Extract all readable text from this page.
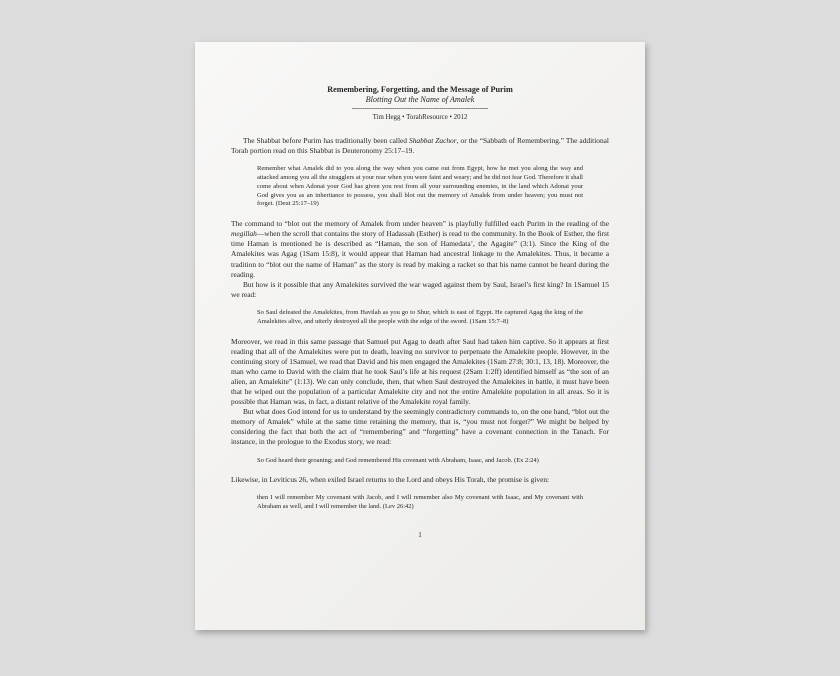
Remembering, Forgetting, and the Message of Purim
Blotting Out the Name of Amalek
----------------------------------------------------------------
Tim Hegg • TorahResource • 2012

The Shabbat before Purim has traditionally been called Shabbat Zachor, or the “Sabbath of Remembering.” The additional Torah portion read on this Shabbat is Deuteronomy 25:17–19.

Remember what Amalek did to you along the way when you came out from Egypt, how he met you along the way and attacked among you all the stragglers at your rear when you were faint and weary; and he did not fear God. Therefore it shall come about when Adonai your God has given you rest from all your surrounding enemies, in the land which Adonai your God gives you as an inheritance to possess, you shall blot out the memory of Amalek from under heaven; you must not forget. (Deut 25:17–19)

The command to “blot out the memory of Amalek from under heaven” is playfully fulfilled each Purim in the reading of the megillah—when the scroll that contains the story of Hadassah (Esther) is read to the community. In the Book of Esther, the first time Haman is mentioned he is described as “Haman, the son of Hamedata’, the Agagite” (3:1). Since the King of the Amalekites was Agag (1Sam 15:8), it would appear that Haman had ancestral linkage to the Amalekites. Thus, it became a tradition to “blot out the name of Haman” as the story is read by making a racket so that his name cannot be heard during the reading.

But how is it possible that any Amalekites survived the war waged against them by Saul, Israel’s first king? In 1Samuel 15 we read:

So Saul defeated the Amalekites, from Havilah as you go to Shur, which is east of Egypt. He captured Agag the king of the Amalekites alive, and utterly destroyed all the people with the edge of the sword. (1Sam 15:7–8)

Moreover, we read in this same passage that Samuel put Agag to death after Saul had taken him captive. So it appears at first reading that all of the Amalekites were put to death, leaving no survivor to perpetuate the Amalekite people. However, in the continuing story of 1Samuel, we read that David and his men engaged the Amalekites (1Sam 27:8; 30:1, 13, 18). Moreover, the man who came to David with the claim that he took Saul’s life at his request (2Sam 1:2ff) identified himself as “the son of an alien, an Amalekite” (1:13). We can only conclude, then, that when Saul destroyed the Amalekites in battle, it must have been that he wiped out the population of a particular Amalekite city and not the entire Amalekite population in all areas. So it is possible that Haman was, in fact, a distant relative of the Amalekite royal family.

But what does God intend for us to understand by the seemingly contradictory commands to, on the one hand, “blot out the memory of Amalek” while at the same time retaining the memory, that is, “you must not forget?” We might be helped by considering the fact that both the act of “remembering” and “forgetting” have a covenant connection in the Tanach. For instance, in the prologue to the Exodus story, we read:

So God heard their groaning; and God remembered His covenant with Abraham, Isaac, and Jacob. (Ex 2:24)

Likewise, in Leviticus 26, when exiled Israel returns to the Lord and obeys His Torah, the promise is given:

then I will remember My covenant with Jacob, and I will remember also My covenant with Isaac, and My covenant with Abraham as well, and I will remember the land. (Lev 26:42)

1
